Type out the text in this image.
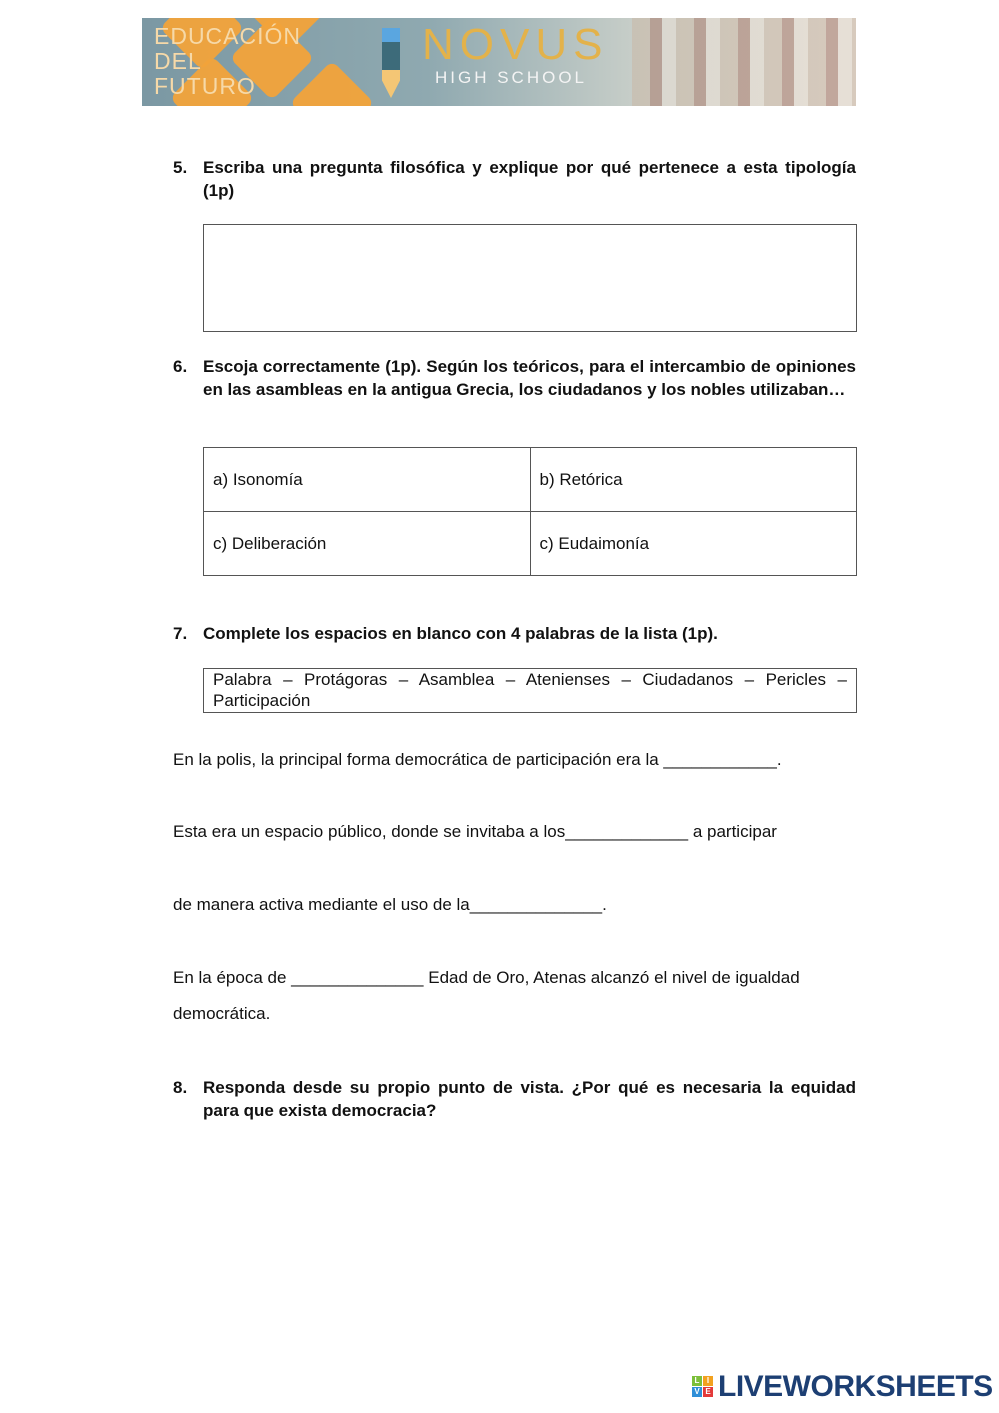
EDUCACIÓN
DEL
FUTURO
NOVUS
HIGH SCHOOL
5. Escriba una pregunta filosófica y explique por qué pertenece a esta tipología (1p)
6. Escoja correctamente (1p). Según los teóricos, para el intercambio de opiniones en las asambleas en la antigua Grecia, los ciudadanos y los nobles utilizaban…
a) Isonomía	b) Retórica
c) Deliberación	c) Eudaimonía
7. Complete los espacios en blanco con 4 palabras de la lista (1p).
Palabra – Protágoras – Asamblea – Atenienses – Ciudadanos – Pericles – Participación
En la polis, la principal forma democrática de participación era la ____________.
Esta era un espacio público, donde se invitaba a los_____________ a participar
de manera activa mediante el uso de la______________.
En la época de ______________ Edad de Oro, Atenas alcanzó el nivel de igualdad
democrática.
8. Responda desde su propio punto de vista. ¿Por qué es necesaria la equidad para que exista democracia?
L I
V E LIVEWORKSHEETS
